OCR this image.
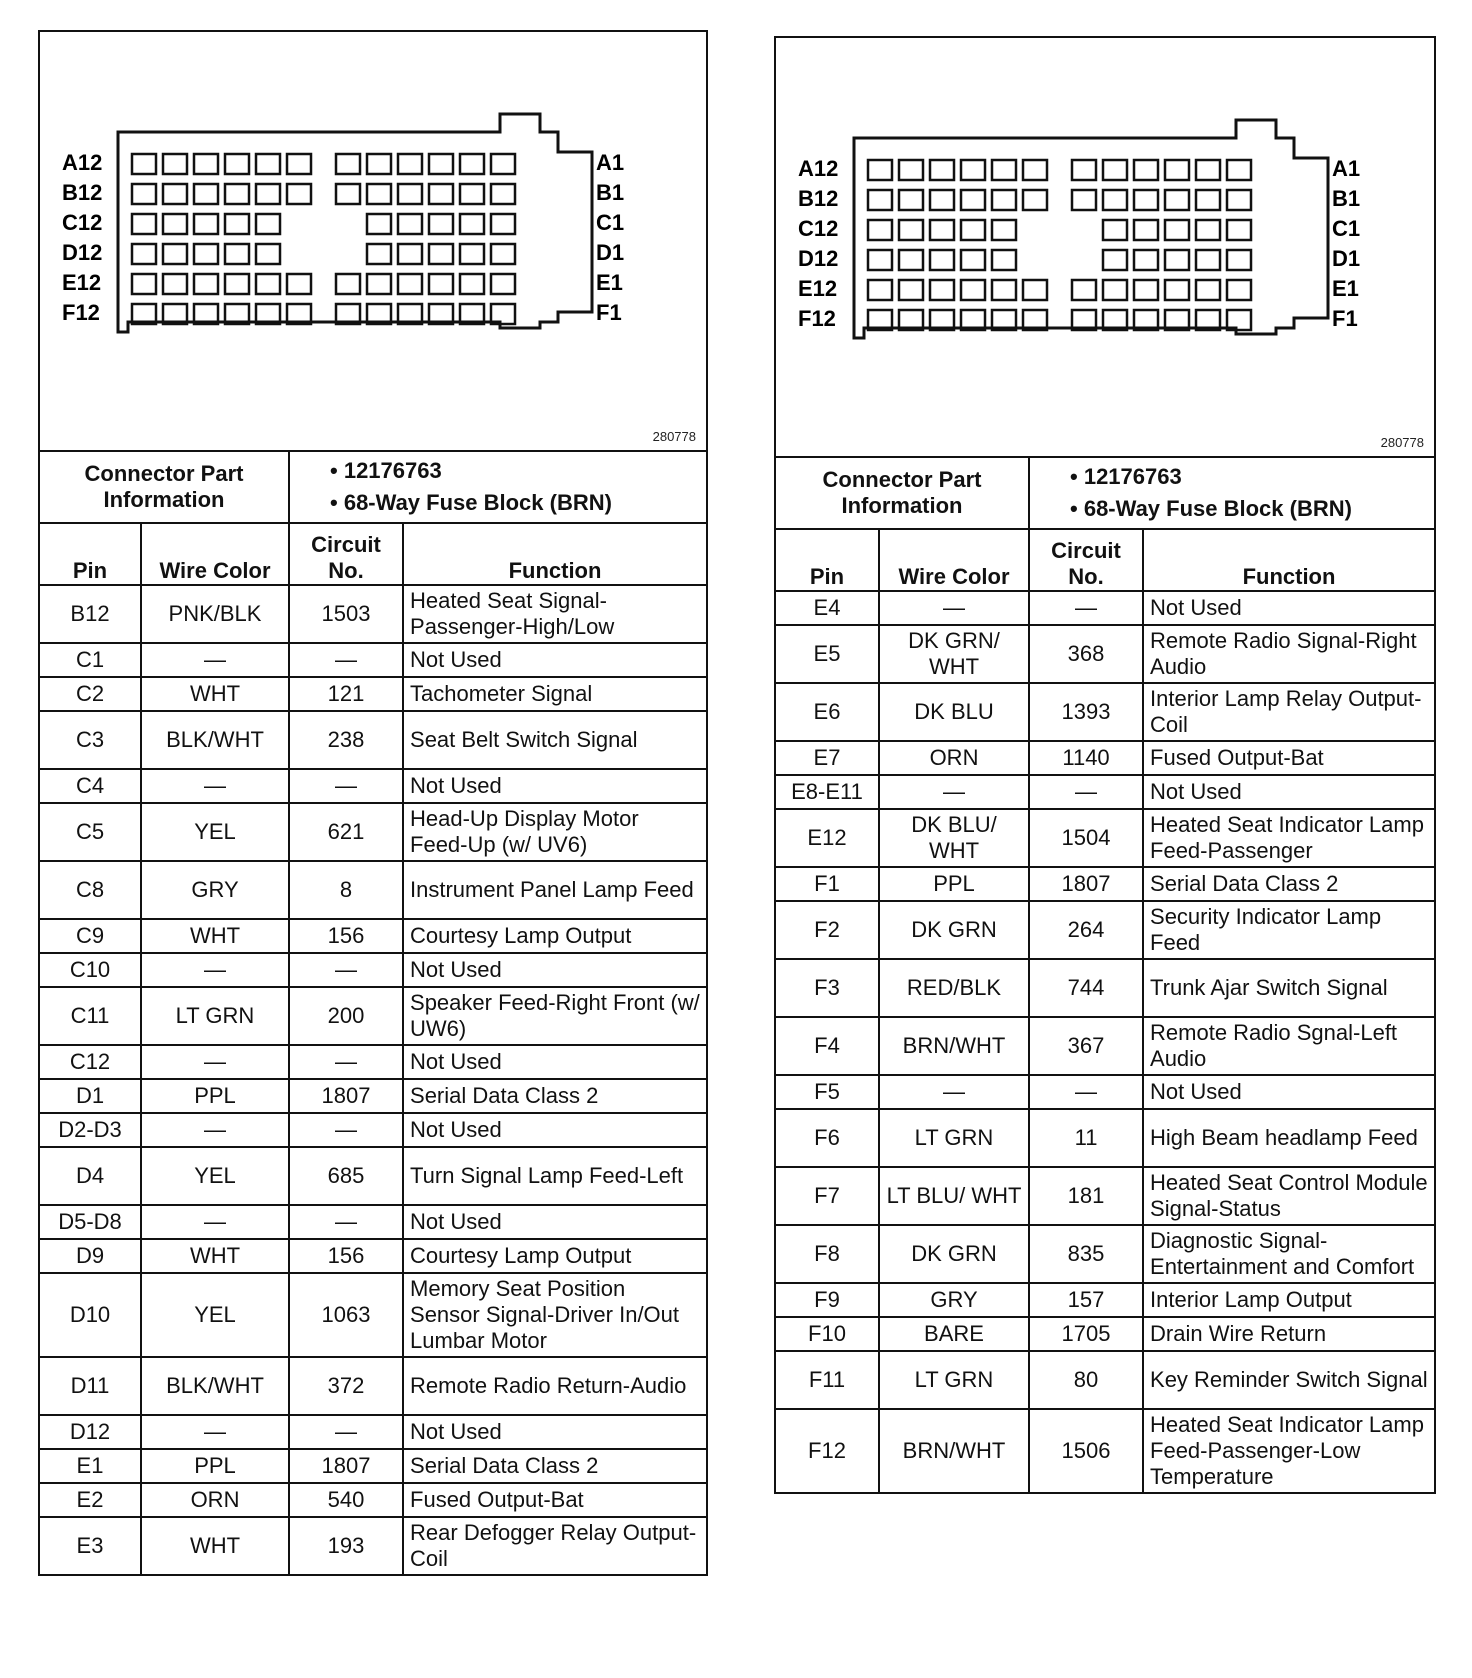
A12	A1
B12	B1
C12	C1
D12	D1
E12	E1
F12	F1
280778
Connector Part Information		• 12176763
• 68-Way Fuse Block (BRN)	

Pin	Wire Color	Circuit No.	Function
B12	PNK/BLK	1503	Heated Seat Signal-Passenger-High/Low
C1	—	—	Not Used
C2	WHT	121	Tachometer Signal
C3	BLK/WHT	238	Seat Belt Switch Signal
C4	—	—	Not Used
C5	YEL	621	Head-Up Display Motor Feed-Up (w/ UV6)
C8	GRY	8	Instrument Panel Lamp Feed
C9	WHT	156	Courtesy Lamp Output
C10	—	—	Not Used
C11	LT GRN	200	Speaker Feed-Right Front (w/ UW6)
C12	—	—	Not Used
D1	PPL	1807	Serial Data Class 2
D2-D3	—	—	Not Used
D4	YEL	685	Turn Signal Lamp Feed-Left
D5-D8	—	—	Not Used
D9	WHT	156	Courtesy Lamp Output
D10	YEL	1063	Memory Seat Position Sensor Signal-Driver In/Out Lumbar Motor
D11	BLK/WHT	372	Remote Radio Return-Audio
D12	—	—	Not Used
E1	PPL	1807	Serial Data Class 2
E2	ORN	540	Fused Output-Bat
E3	WHT	193	Rear Defogger Relay Output-Coil
A12	A1
B12	B1
C12	C1
D12	D1
E12	E1
F12	F1
280778
Connector Part Information		• 12176763
• 68-Way Fuse Block (BRN)	

Pin	Wire Color	Circuit No.	Function
E4	—	—	Not Used
E5	DK GRN/ WHT	368	Remote Radio Signal-Right Audio
E6	DK BLU	1393	Interior Lamp Relay Output-Coil
E7	ORN	1140	Fused Output-Bat
E8-E11	—	—	Not Used
E12	DK BLU/ WHT	1504	Heated Seat Indicator Lamp Feed-Passenger
F1	PPL	1807	Serial Data Class 2
F2	DK GRN	264	Security Indicator Lamp Feed
F3	RED/BLK	744	Trunk Ajar Switch Signal
F4	BRN/WHT	367	Remote Radio Sgnal-Left Audio
F5	—	—	Not Used
F6	LT GRN	11	High Beam headlamp Feed
F7	LT BLU/ WHT	181	Heated Seat Control Module Signal-Status
F8	DK GRN	835	Diagnostic Signal-Entertainment and Comfort
F9	GRY	157	Interior Lamp Output
F10	BARE	1705	Drain Wire Return
F11	LT GRN	80	Key Reminder Switch Signal
F12	BRN/WHT	1506	Heated Seat Indicator Lamp Feed-Passenger-Low Temperature
